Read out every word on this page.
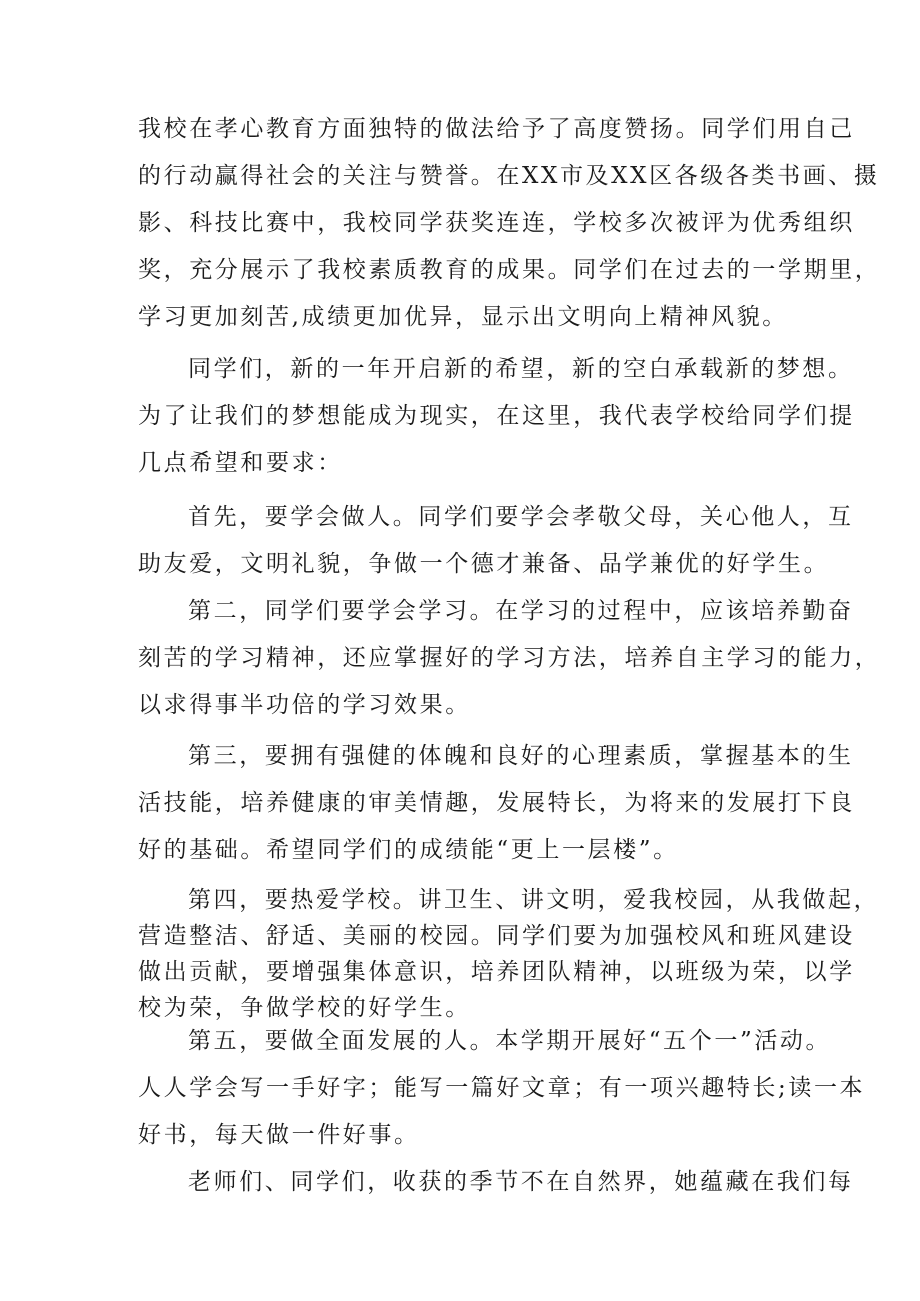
我校在孝心教育方面独特的做法给予了高度赞扬。同学们用自己
的行动赢得社会的关注与赞誉。在XX市及XX区各级各类书画、摄
影、科技比赛中，我校同学获奖连连，学校多次被评为优秀组织
奖，充分展示了我校素质教育的成果。同学们在过去的一学期里，
学习更加刻苦,成绩更加优异，显示出文明向上精神风貌。
同学们，新的一年开启新的希望，新的空白承载新的梦想。
为了让我们的梦想能成为现实，在这里，我代表学校给同学们提
几点希望和要求：
首先，要学会做人。同学们要学会孝敬父母，关心他人，互
助友爱，文明礼貌，争做一个德才兼备、品学兼优的好学生。
第二，同学们要学会学习。在学习的过程中，应该培养勤奋
刻苦的学习精神，还应掌握好的学习方法，培养自主学习的能力，
以求得事半功倍的学习效果。
第三，要拥有强健的体魄和良好的心理素质，掌握基本的生
活技能，培养健康的审美情趣，发展特长，为将来的发展打下良
好的基础。希望同学们的成绩能“更上一层楼”。
第四，要热爱学校。讲卫生、讲文明，爱我校园，从我做起，
营造整洁、舒适、美丽的校园。同学们要为加强校风和班风建设
做出贡献，要增强集体意识，培养团队精神，以班级为荣，以学
校为荣，争做学校的好学生。
第五，要做全面发展的人。本学期开展好“五个一”活动。
人人学会写一手好字；能写一篇好文章；有一项兴趣特长;读一本
好书，每天做一件好事。
老师们、同学们，收获的季节不在自然界，她蕴藏在我们每
